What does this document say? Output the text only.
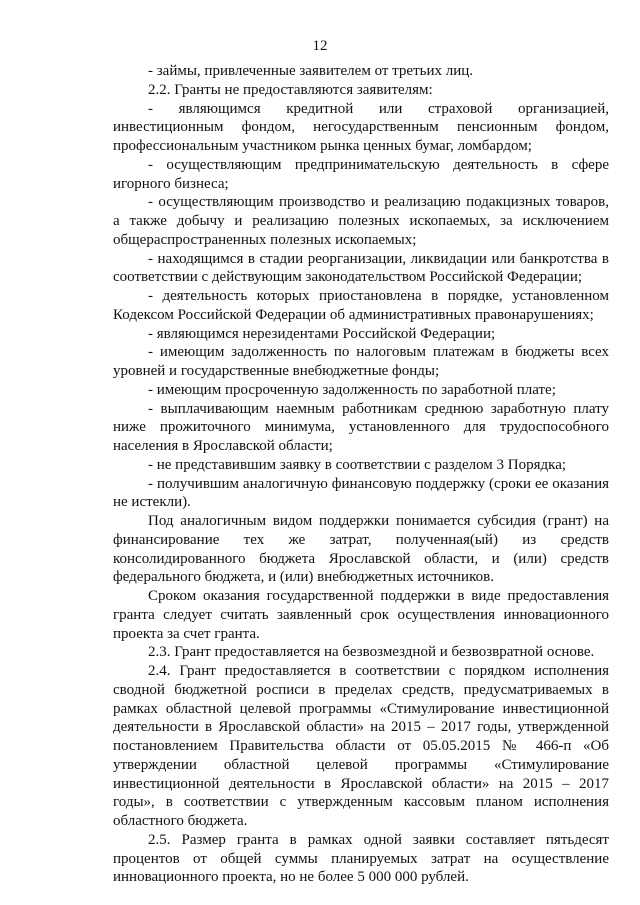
12

- займы, привлеченные заявителем от третьих лиц.

2.2. Гранты не предоставляются заявителям:

- являющимся кредитной или страховой организацией, инвестиционным фондом, негосударственным пенсионным фондом, профессиональным участником рынка ценных бумаг, ломбардом;

- осуществляющим предпринимательскую деятельность в сфере игорного бизнеса;

- осуществляющим производство и реализацию подакцизных товаров, а также добычу и реализацию полезных ископаемых, за исключением общераспространенных полезных ископаемых;

- находящимся в стадии реорганизации, ликвидации или банкротства в соответствии с действующим законодательством Российской Федерации;

- деятельность которых приостановлена в порядке, установленном Кодексом Российской Федерации об административных правонарушениях;

- являющимся нерезидентами Российской Федерации;

- имеющим задолженность по налоговым платежам в бюджеты всех уровней и государственные внебюджетные фонды;

- имеющим просроченную задолженность по заработной плате;

- выплачивающим наемным работникам среднюю заработную плату ниже прожиточного минимума, установленного для трудоспособного населения в Ярославской области;

- не представившим заявку в соответствии с разделом 3 Порядка;

- получившим аналогичную финансовую поддержку (сроки ее оказания не истекли).

Под аналогичным видом поддержки понимается субсидия (грант) на финансирование тех же затрат, полученная(ый) из средств консолидированного бюджета Ярославской области, и (или) средств федерального бюджета, и (или) внебюджетных источников.

Сроком оказания государственной поддержки в виде предоставления гранта следует считать заявленный срок осуществления инновационного проекта за счет гранта.

2.3. Грант предоставляется на безвозмездной и безвозвратной основе.

2.4. Грант предоставляется в соответствии с порядком исполнения сводной бюджетной росписи в пределах средств, предусматриваемых в рамках областной целевой программы «Стимулирование инвестиционной деятельности в Ярославской области» на 2015 – 2017 годы, утвержденной постановлением Правительства области от 05.05.2015 № 466-п «Об утверждении областной целевой программы «Стимулирование инвестиционной деятельности в Ярославской области» на 2015 – 2017 годы», в соответствии с утвержденным кассовым планом исполнения областного бюджета.

2.5. Размер гранта в рамках одной заявки составляет пятьдесят процентов от общей суммы планируемых затрат на осуществление инновационного проекта, но не более 5 000 000 рублей.
